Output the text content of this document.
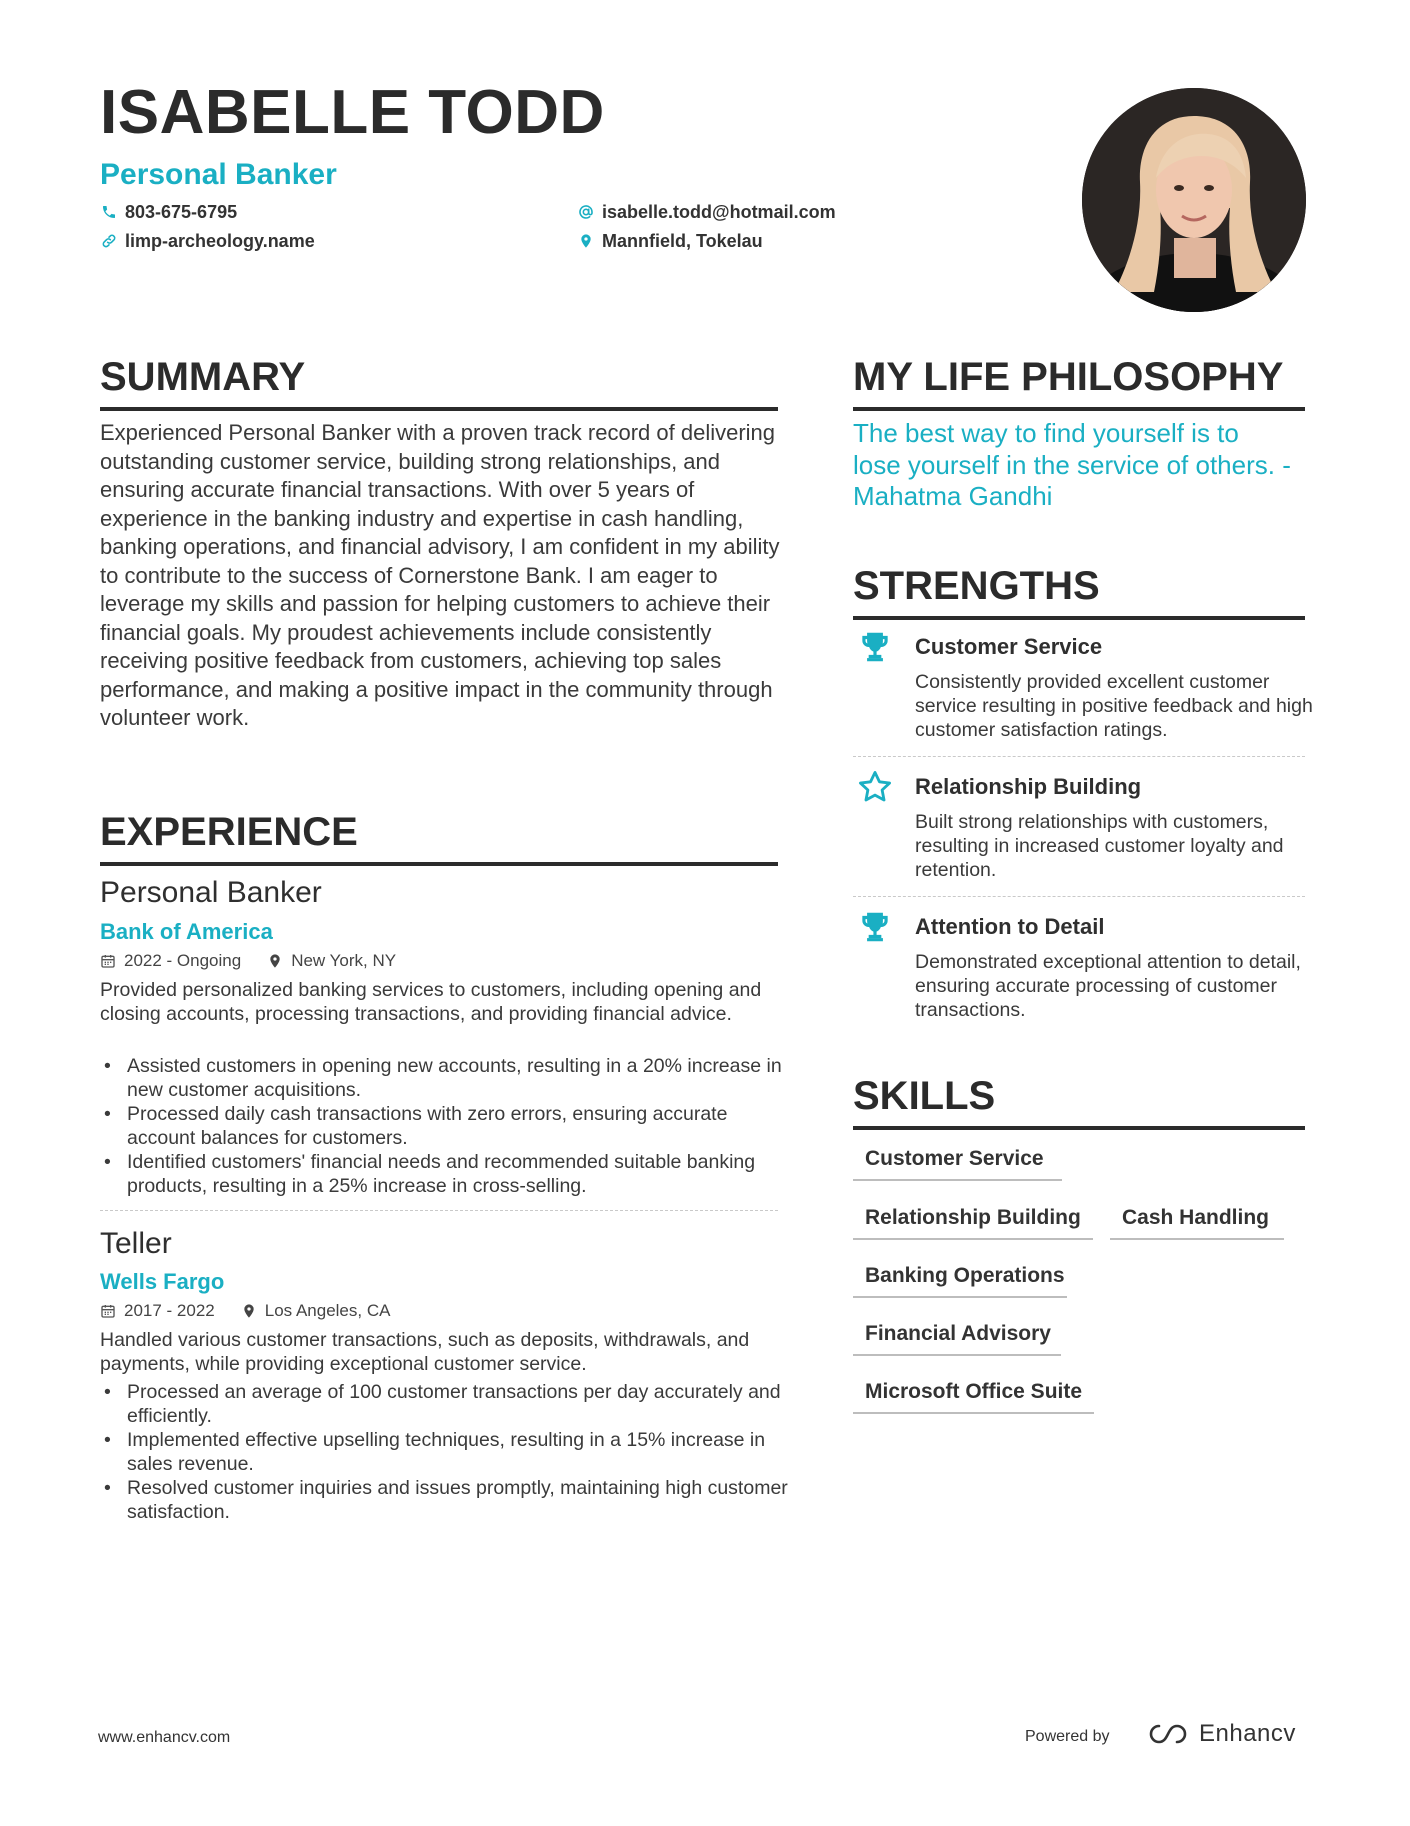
ISABELLE TODD
Personal Banker
803-675-6795	isabelle.todd@hotmail.com
limp-archeology.name	Mannfield, Tokelau
SUMMARY

Experienced Personal Banker with a proven track record of delivering outstanding customer service, building strong relationships, and ensuring accurate financial transactions. With over 5 years of experience in the banking industry and expertise in cash handling, banking operations, and financial advisory, I am confident in my ability to contribute to the success of Cornerstone Bank. I am eager to leverage my skills and passion for helping customers to achieve their financial goals. My proudest achievements include consistently receiving positive feedback from customers, achieving top sales performance, and making a positive impact in the community through volunteer work.

EXPERIENCE
Personal Banker
Bank of America
2022 - Ongoing	New York, NY

Provided personalized banking services to customers, including opening and closing accounts, processing transactions, and providing financial advice.

• Assisted customers in opening new accounts, resulting in a 20% increase in new customer acquisitions.
• Processed daily cash transactions with zero errors, ensuring accurate account balances for customers.
• Identified customers' financial needs and recommended suitable banking products, resulting in a 25% increase in cross-selling.
Teller
Wells Fargo
2017 - 2022	Los Angeles, CA

Handled various customer transactions, such as deposits, withdrawals, and payments, while providing exceptional customer service.

• Processed an average of 100 customer transactions per day accurately and efficiently.
• Implemented effective upselling techniques, resulting in a 15% increase in sales revenue.
• Resolved customer inquiries and issues promptly, maintaining high customer satisfaction.
MY LIFE PHILOSOPHY

The best way to find yourself is to lose yourself in the service of others. - Mahatma Gandhi

STRENGTHS
Customer Service

Consistently provided excellent customer service resulting in positive feedback and high customer satisfaction ratings.

Relationship Building

Built strong relationships with customers, resulting in increased customer loyalty and retention.

Attention to Detail

Demonstrated exceptional attention to detail, ensuring accurate processing of customer transactions.

SKILLS
Customer Service
Relationship Building	Cash Handling
Banking Operations
Financial Advisory
Microsoft Office Suite
www.enhancv.com	Powered by	Enhancv
